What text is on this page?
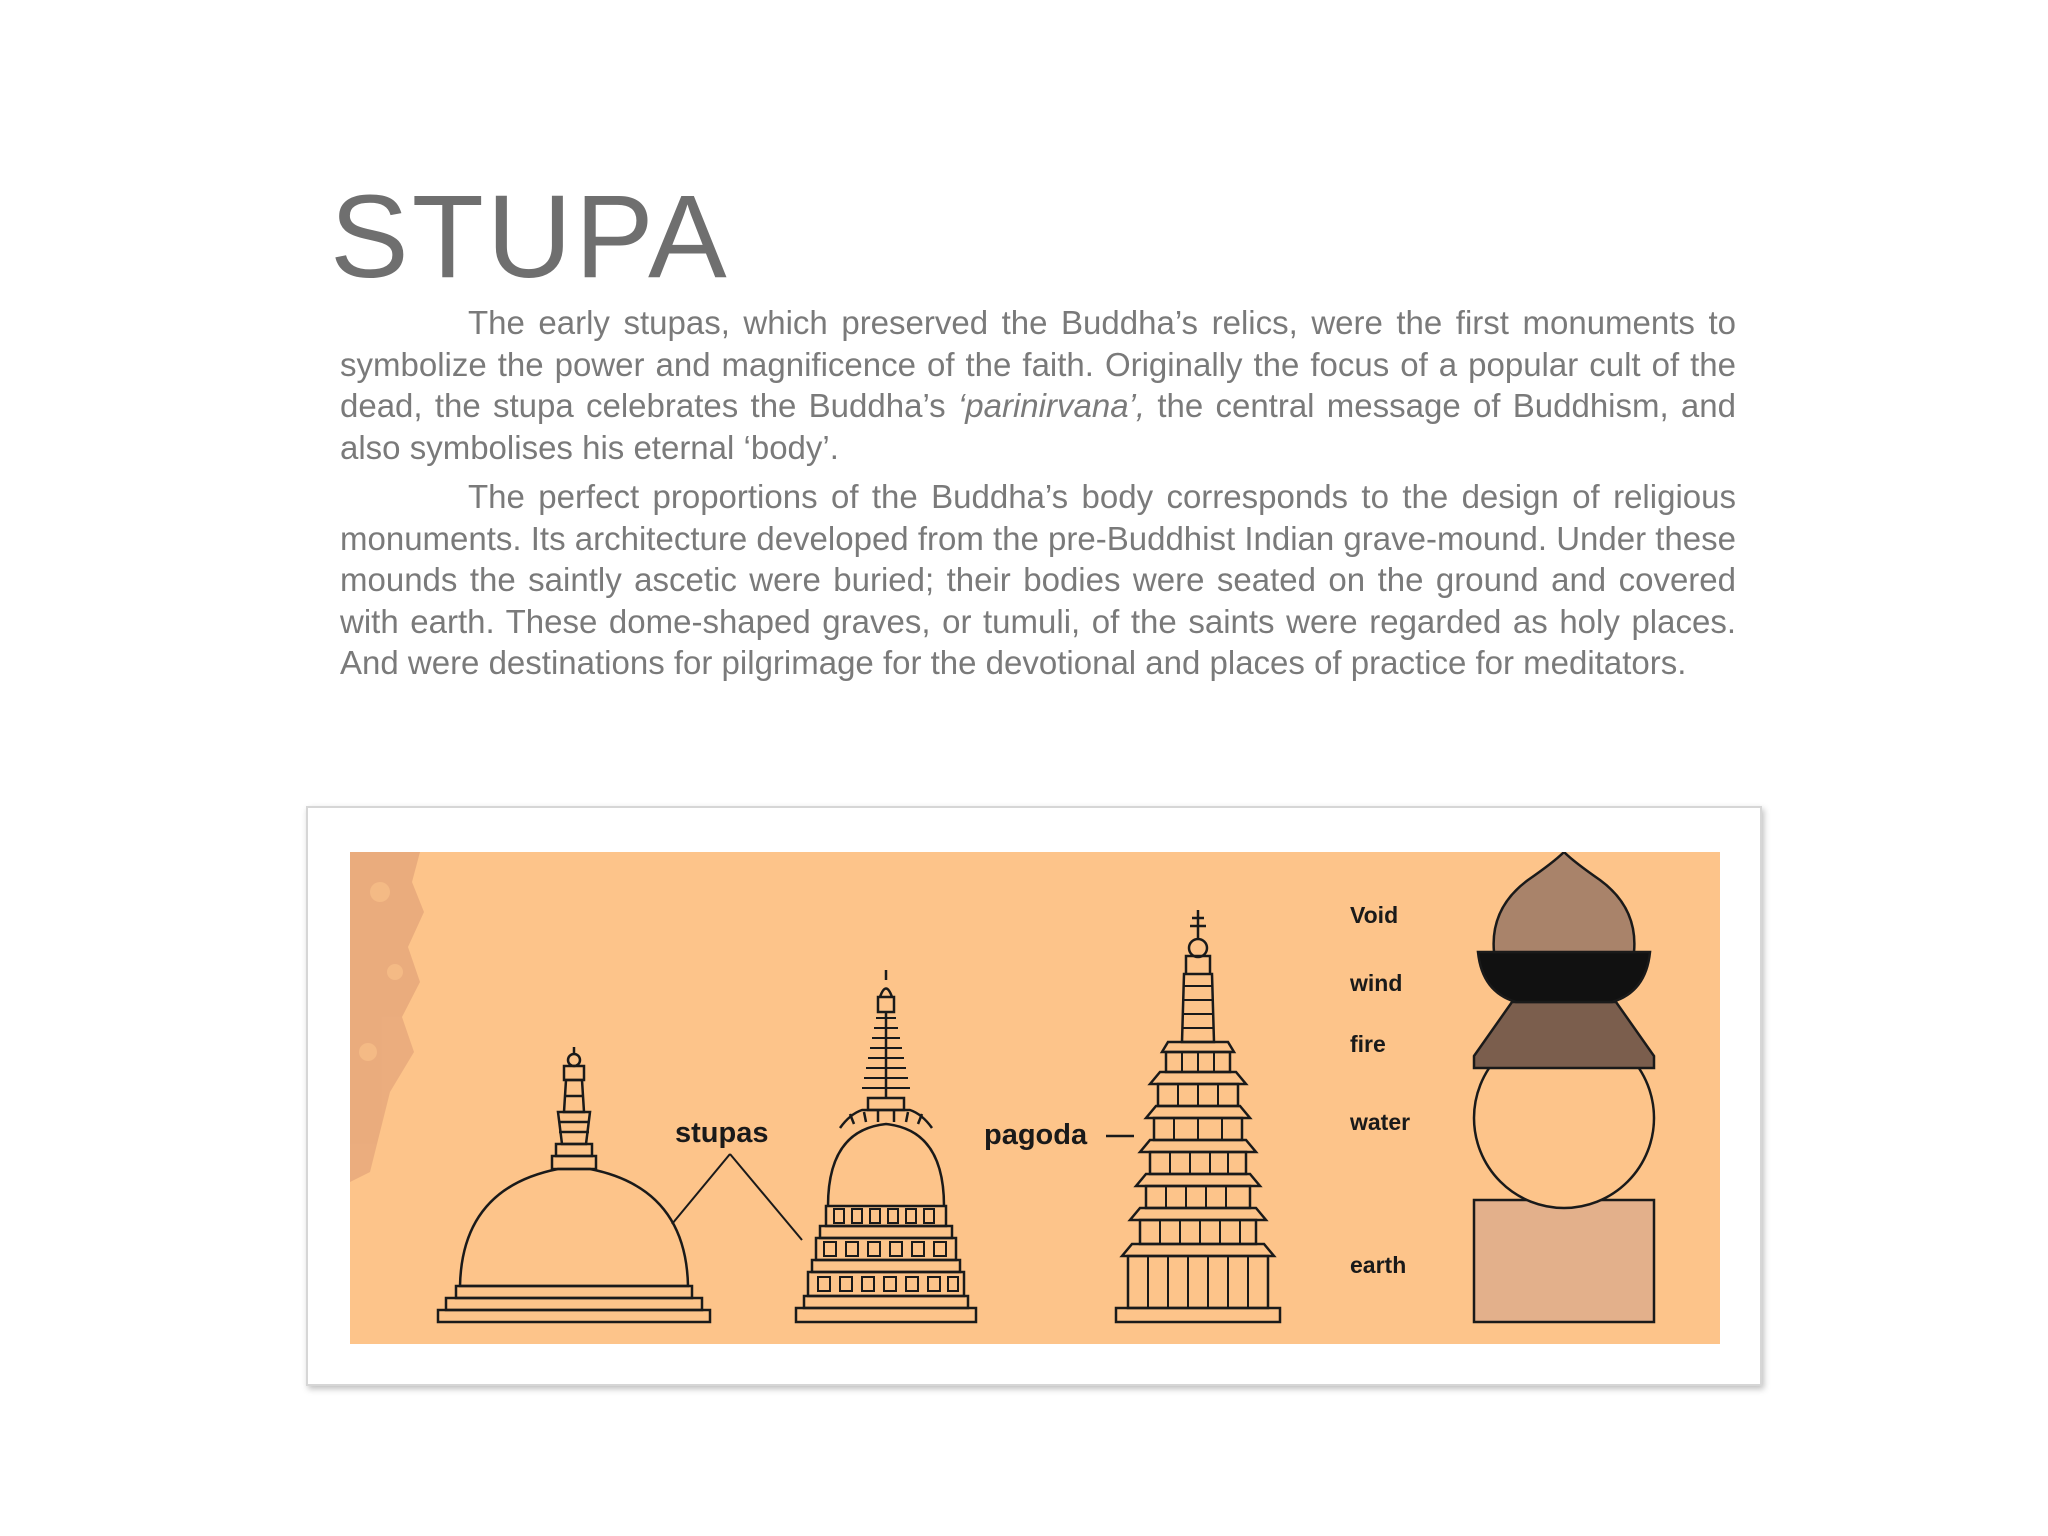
STUPA

The early stupas, which preserved the Buddha’s relics, were the first monuments to symbolize the power and magnificence of the faith. Originally the focus of a popular cult of the dead, the stupa celebrates the Buddha’s ‘parinirvana’, the central message of Buddhism, and also symbolises his eternal ‘body’.

The perfect proportions of the Buddha’s body corresponds to the design of religious monuments. Its architecture developed from the pre-Buddhist Indian grave-mound. Under these mounds the saintly ascetic were buried; their bodies were seated on the ground and covered with earth. These dome-shaped graves, or tumuli, of the saints were regarded as holy places. And were destinations for pilgrimage for the devotional and places of practice for meditators.

stupas	pagoda
Void
wind
fire
water
earth
